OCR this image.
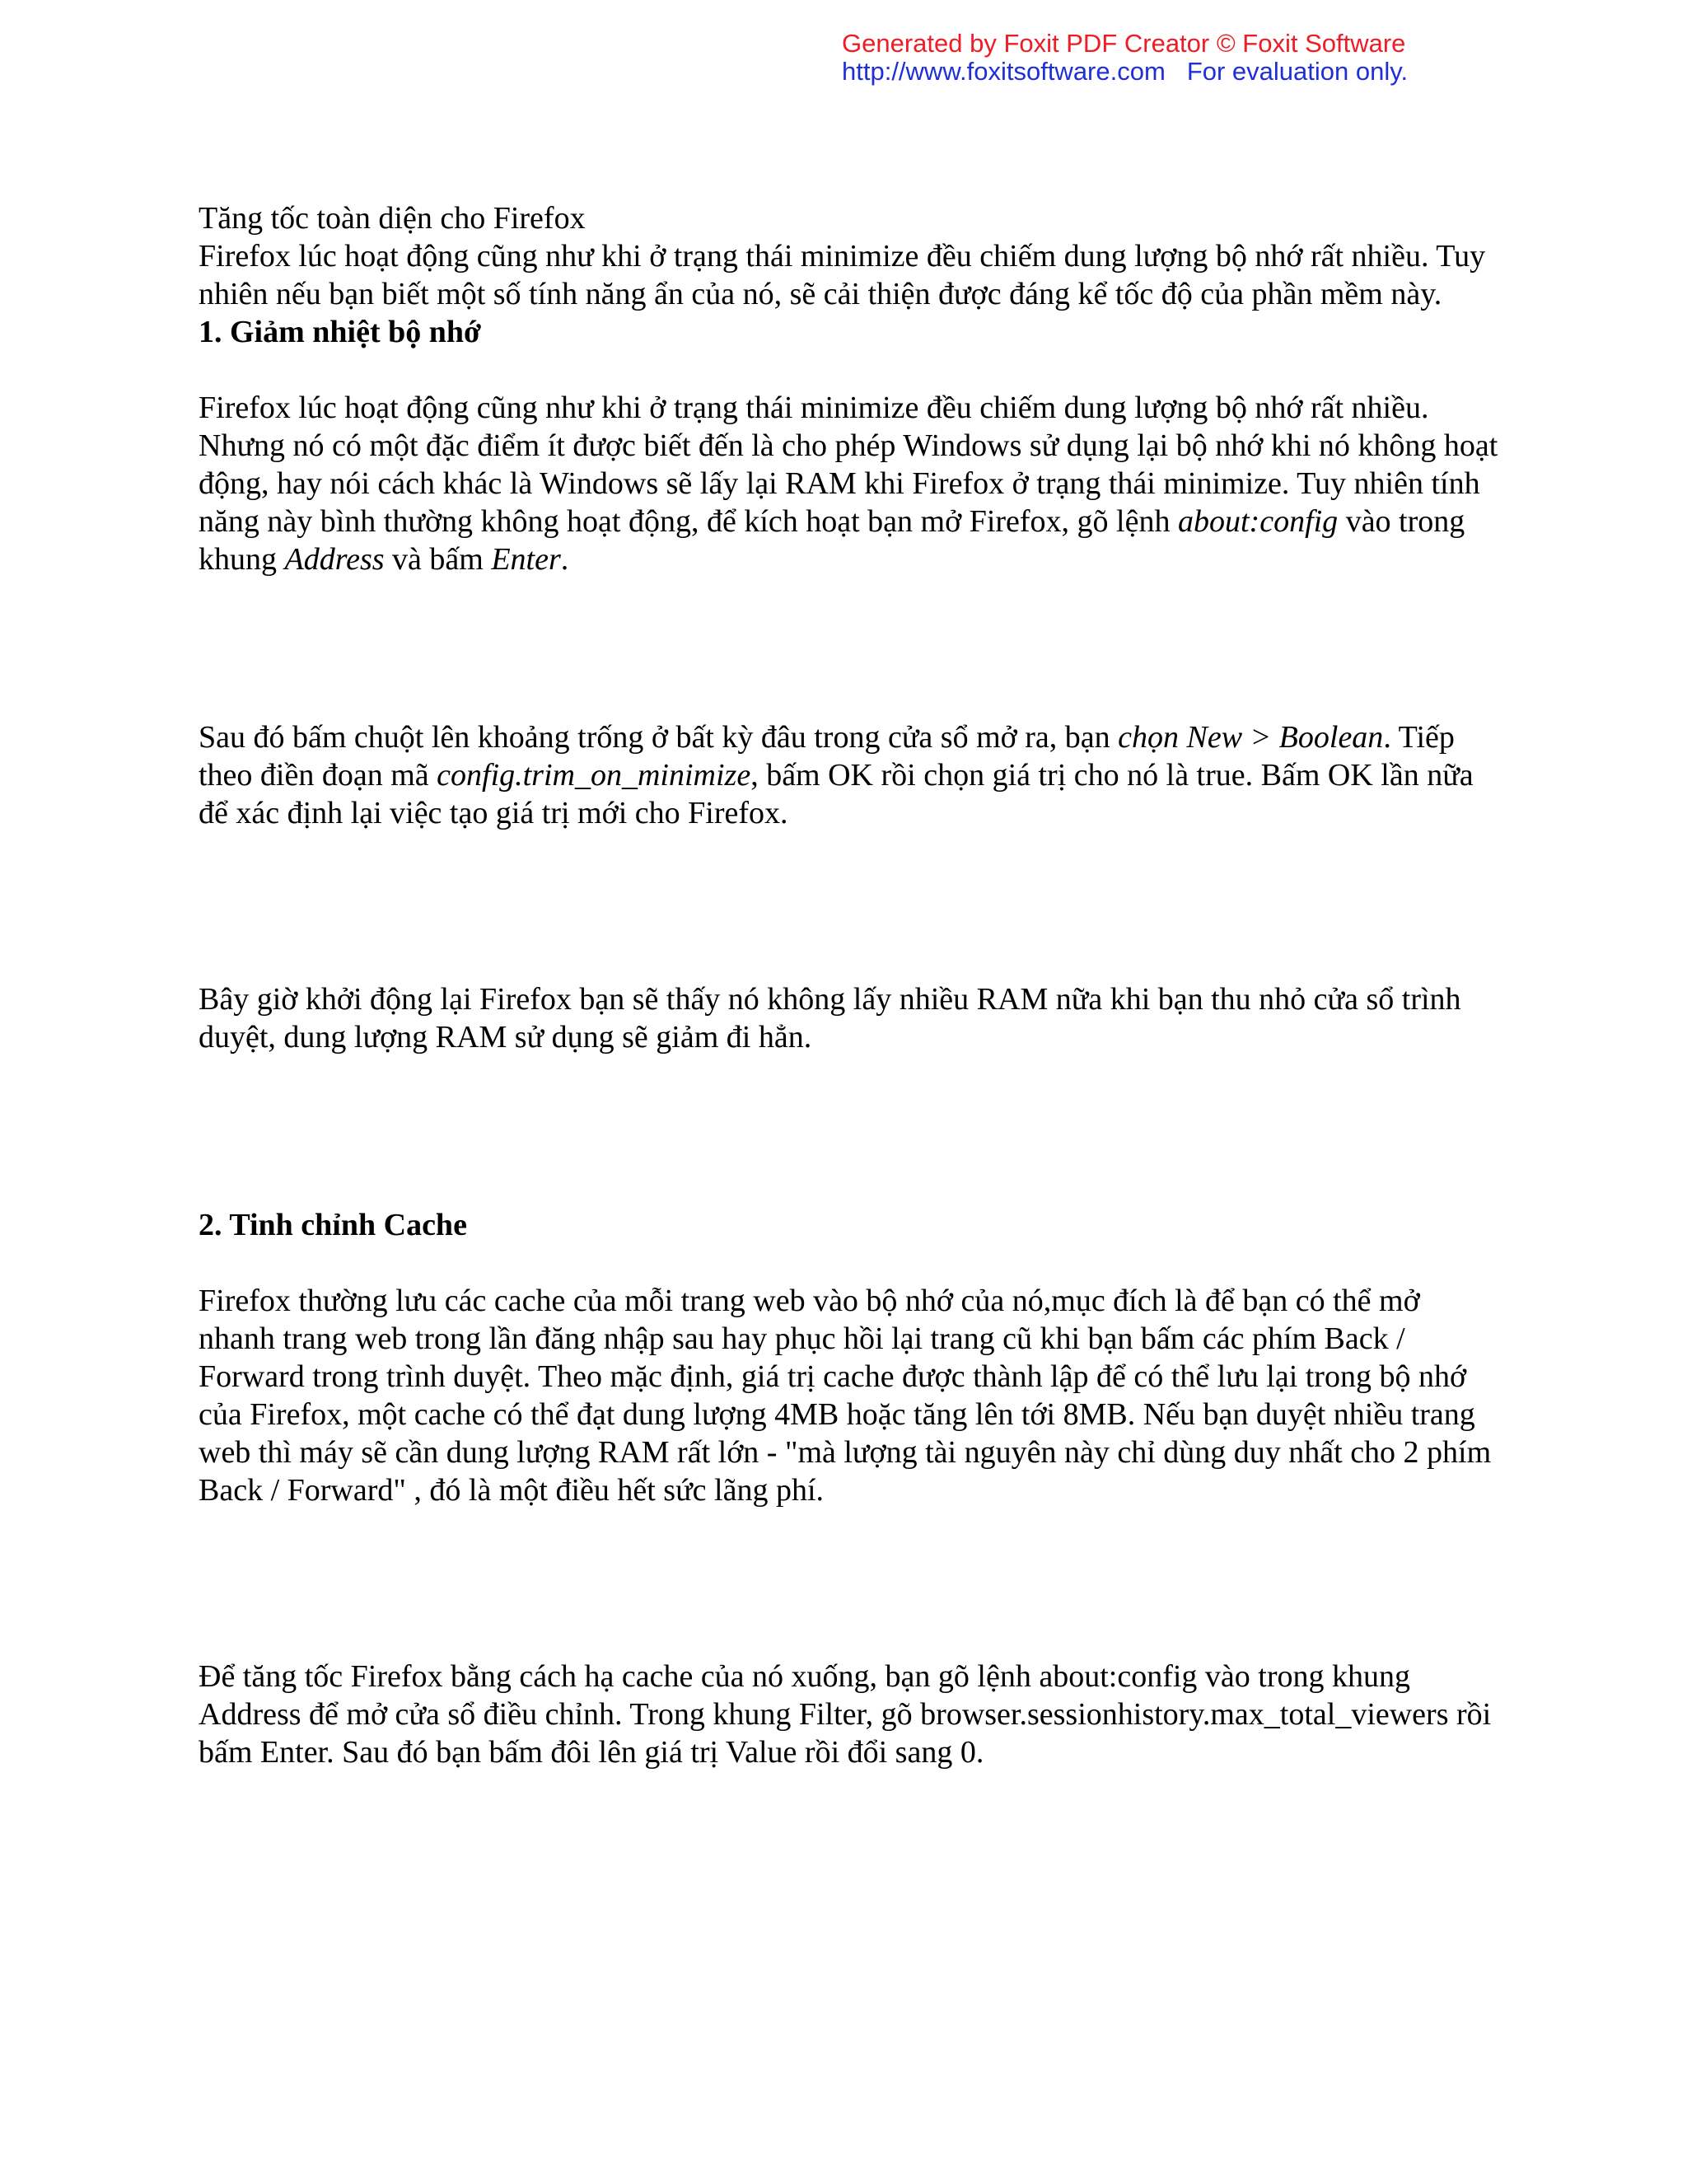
Generated by Foxit PDF Creator © Foxit Software
http://www.foxitsoftware.com For evaluation only.

Tăng tốc toàn diện cho Firefox

Firefox lúc hoạt động cũng như khi ở trạng thái minimize đều chiếm dung lượng bộ nhớ rất nhiều. Tuy nhiên nếu bạn biết một số tính năng ẩn của nó, sẽ cải thiện được đáng kể tốc độ của phần mềm này.

1. Giảm nhiệt bộ nhớ

Firefox lúc hoạt động cũng như khi ở trạng thái minimize đều chiếm dung lượng bộ nhớ rất nhiều. Nhưng nó có một đặc điểm ít được biết đến là cho phép Windows sử dụng lại bộ nhớ khi nó không hoạt động, hay nói cách khác là Windows sẽ lấy lại RAM khi Firefox ở trạng thái minimize. Tuy nhiên tính năng này bình thường không hoạt động, để kích hoạt bạn mở Firefox, gõ lệnh about:config vào trong khung Address và bấm Enter.

Sau đó bấm chuột lên khoảng trống ở bất kỳ đâu trong cửa sổ mở ra, bạn chọn New > Boolean. Tiếp theo điền đoạn mã config.trim_on_minimize, bấm OK rồi chọn giá trị cho nó là true. Bấm OK lần nữa để xác định lại việc tạo giá trị mới cho Firefox.

Bây giờ khởi động lại Firefox bạn sẽ thấy nó không lấy nhiều RAM nữa khi bạn thu nhỏ cửa sổ trình duyệt, dung lượng RAM sử dụng sẽ giảm đi hẳn.

2. Tinh chỉnh Cache

Firefox thường lưu các cache của mỗi trang web vào bộ nhớ của nó,mục đích là để bạn có thể mở nhanh trang web trong lần đăng nhập sau hay phục hồi lại trang cũ khi bạn bấm các phím Back / Forward trong trình duyệt. Theo mặc định, giá trị cache được thành lập để có thể lưu lại trong bộ nhớ của Firefox, một cache có thể đạt dung lượng 4MB hoặc tăng lên tới 8MB. Nếu bạn duyệt nhiều trang web thì máy sẽ cần dung lượng RAM rất lớn - "mà lượng tài nguyên này chỉ dùng duy nhất cho 2 phím Back / Forward" , đó là một điều hết sức lãng phí.

Để tăng tốc Firefox bằng cách hạ cache của nó xuống, bạn gõ lệnh about:config vào trong khung Address để mở cửa sổ điều chỉnh. Trong khung Filter, gõ browser.sessionhistory.max_total_viewers rồi bấm Enter. Sau đó bạn bấm đôi lên giá trị Value rồi đổi sang 0.
